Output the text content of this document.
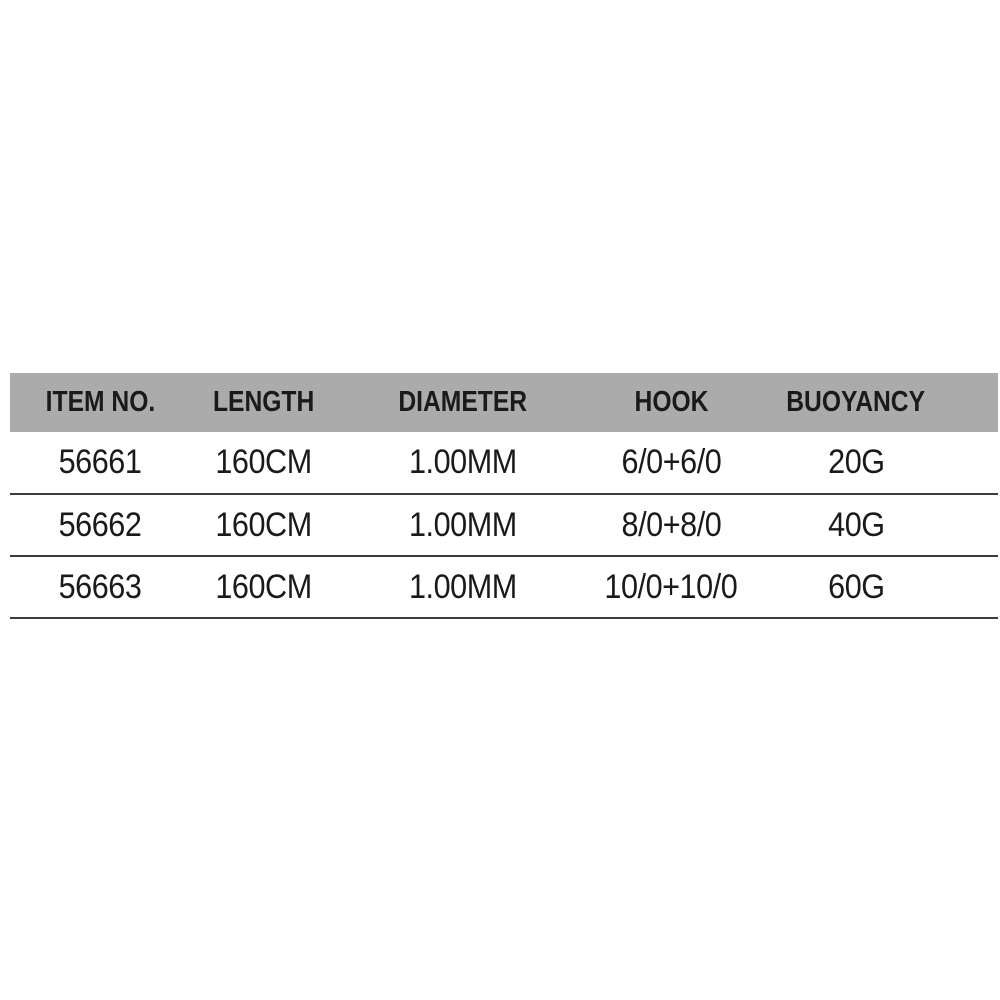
ITEM NO.	LENGTH	DIAMETER	HOOK	BUOYANCY	
56661	160CM	1.00MM	6/0+6/0	20G	
56662	160CM	1.00MM	8/0+8/0	40G	
56663	160CM	1.00MM	10/0+10/0	60G	
